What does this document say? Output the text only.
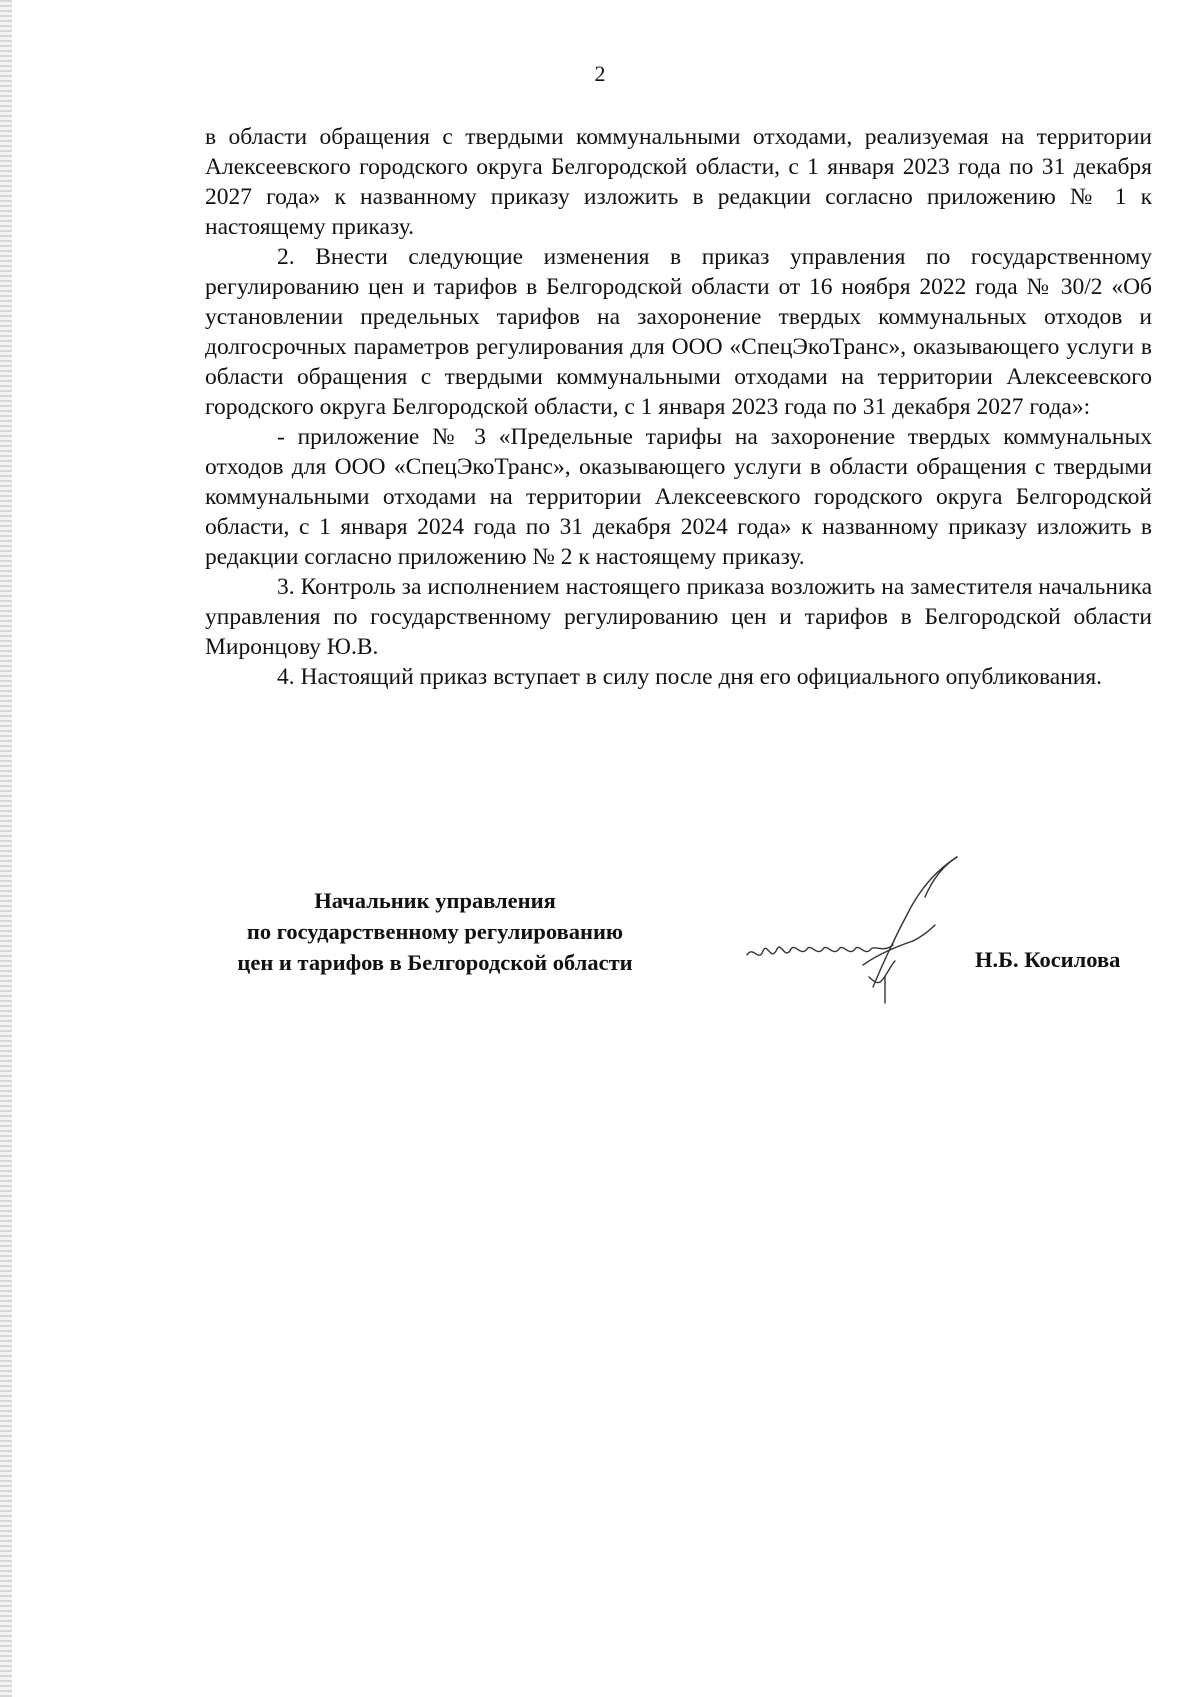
2

в области обращения с твердыми коммунальными отходами, реализуемая на территории Алексеевского городского округа Белгородской области, с 1 января 2023 года по 31 декабря 2027 года» к названному приказу изложить в редакции согласно приложению № 1 к настоящему приказу.

2. Внести следующие изменения в приказ управления по государственному регулированию цен и тарифов в Белгородской области от 16 ноября 2022 года № 30/2 «Об установлении предельных тарифов на захоронение твердых коммунальных отходов и долгосрочных параметров регулирования для ООО «СпецЭкоТранс», оказывающего услуги в области обращения с твердыми коммунальными отходами на территории Алексеевского городского округа Белгородской области, с 1 января 2023 года по 31 декабря 2027 года»:

- приложение № 3 «Предельные тарифы на захоронение твердых коммунальных отходов для ООО «СпецЭкоТранс», оказывающего услуги в области обращения с твердыми коммунальными отходами на территории Алексеевского городского округа Белгородской области, с 1 января 2024 года по 31 декабря 2024 года» к названному приказу изложить в редакции согласно приложению № 2 к настоящему приказу.

3. Контроль за исполнением настоящего приказа возложить на заместителя начальника управления по государственному регулированию цен и тарифов в Белгородской области Миронцову Ю.В.

4. Настоящий приказ вступает в силу после дня его официального опубликования.

Начальник управления
по государственному регулированию
цен и тарифов в Белгородской области	Н.Б. Косилова
